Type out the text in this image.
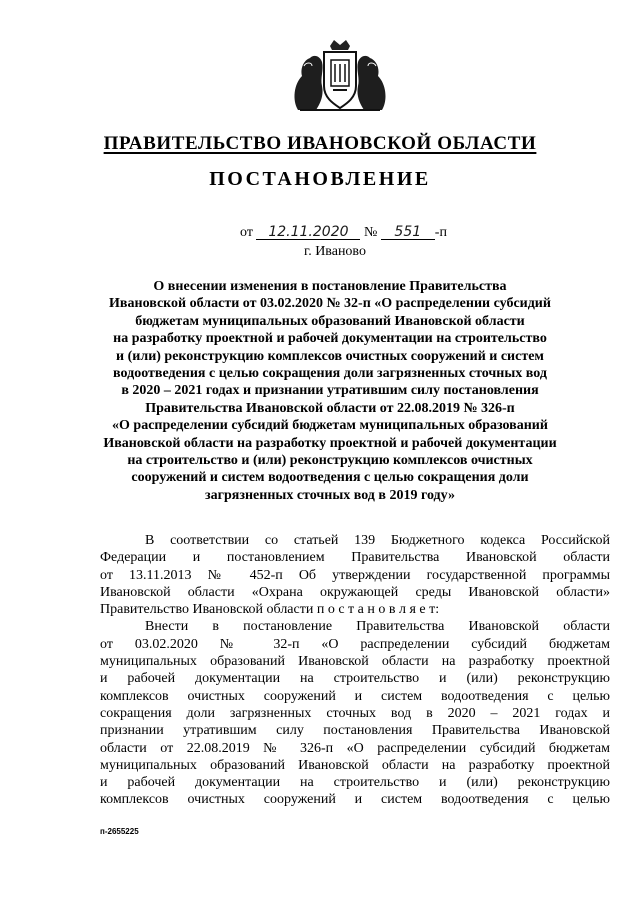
ПРАВИТЕЛЬСТВО ИВАНОВСКОЙ ОБЛАСТИ
ПОСТАНОВЛЕНИЕ
от 12.11.2020 № 551 -п
г. Иваново
О внесении изменения в постановление Правительства
Ивановской области от 03.02.2020 № 32-п «О распределении субсидий
бюджетам муниципальных образований Ивановской области
на разработку проектной и рабочей документации на строительство
и (или) реконструкцию комплексов очистных сооружений и систем
водоотведения с целью сокращения доли загрязненных сточных вод
в 2020 – 2021 годах и признании утратившим силу постановления
Правительства Ивановской области от 22.08.2019 № 326-п
«О распределении субсидий бюджетам муниципальных образований
Ивановской области на разработку проектной и рабочей документации
на строительство и (или) реконструкцию комплексов очистных
сооружений и систем водоотведения с целью сокращения доли
загрязненных сточных вод в 2019 году»
В соответствии со статьей 139 Бюджетного кодекса Российской
Федерации и постановлением Правительства Ивановской области
от 13.11.2013 № 452-п Об утверждении государственной программы
Ивановской области «Охрана окружающей среды Ивановской области»
Правительство Ивановской области п о с т а н о в л я е т:
Внести в постановление Правительства Ивановской области
от 03.02.2020 № 32-п «О распределении субсидий бюджетам
муниципальных образований Ивановской области на разработку проектной
и рабочей документации на строительство и (или) реконструкцию
комплексов очистных сооружений и систем водоотведения с целью
сокращения доли загрязненных сточных вод в 2020 – 2021 годах и
признании утратившим силу постановления Правительства Ивановской
области от 22.08.2019 № 326-п «О распределении субсидий бюджетам
муниципальных образований Ивановской области на разработку проектной
и рабочей документации на строительство и (или) реконструкцию
комплексов очистных сооружений и систем водоотведения с целью
п-2655225
